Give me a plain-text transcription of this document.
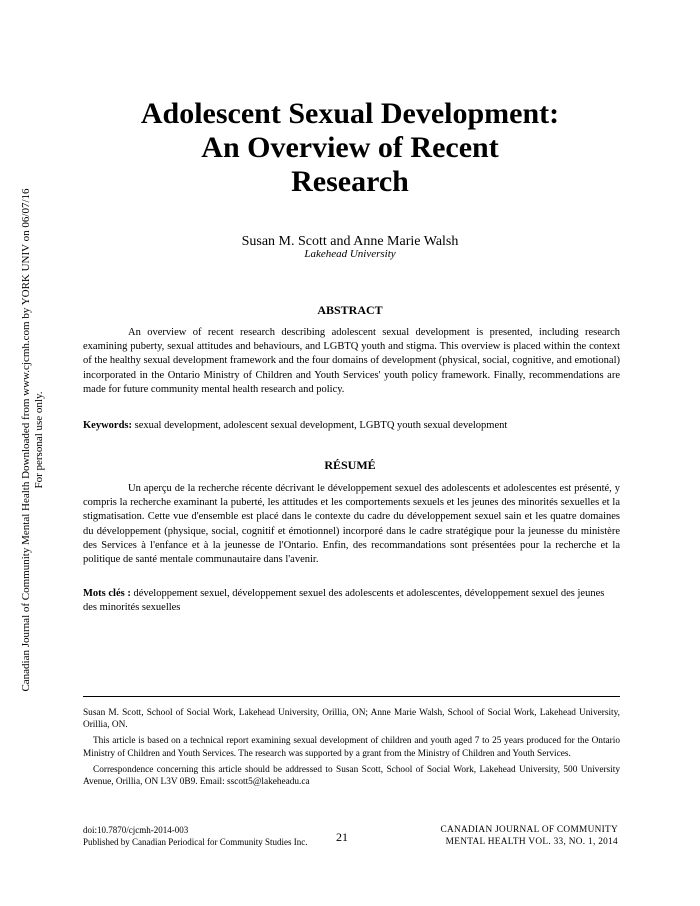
Canadian Journal of Community Mental Health Downloaded from www.cjcmh.com by YORK UNIV on 06/07/16 For personal use only.
Adolescent Sexual Development:
An Overview of Recent
Research
Susan M. Scott and Anne Marie Walsh
Lakehead University
ABSTRACT

An overview of recent research describing adolescent sexual development is presented, including research examining puberty, sexual attitudes and behaviours, and LGBTQ youth and stigma. This overview is placed within the context of the healthy sexual development framework and the four domains of development (physical, social, cognitive, and emotional) incorporated in the Ontario Ministry of Children and Youth Services' youth policy framework. Finally, recommendations are made for future community mental health research and policy.

Keywords: sexual development, adolescent sexual development, LGBTQ youth sexual development
RÉSUMÉ

Un aperçu de la recherche récente décrivant le développement sexuel des adolescents et adolescentes est présenté, y compris la recherche examinant la puberté, les attitudes et les comportements sexuels et les jeunes des minorités sexuelles et la stigmatisation. Cette vue d'ensemble est placé dans le contexte du cadre du développement sexuel sain et les quatre domaines du développement (physique, social, cognitif et émotionnel) incorporé dans le cadre stratégique pour la jeunesse du ministère des Services à l'enfance et à la jeunesse de l'Ontario. Enfin, des recommandations sont présentées pour la recherche et la politique de santé mentale communautaire dans l'avenir.

Mots clés : développement sexuel, développement sexuel des adolescents et adolescentes, développement sexuel des jeunes des minorités sexuelles

Susan M. Scott, School of Social Work, Lakehead University, Orillia, ON; Anne Marie Walsh, School of Social Work, Lakehead University, Orillia, ON.

This article is based on a technical report examining sexual development of children and youth aged 7 to 25 years produced for the Ontario Ministry of Children and Youth Services. The research was supported by a grant from the Ministry of Children and Youth Services.

Correspondence concerning this article should be addressed to Susan Scott, School of Social Work, Lakehead University, 500 University Avenue, Orillia, ON L3V 0B9. Email: sscott5@lakeheadu.ca

doi:10.7870/cjcmh-2014-003
Published by Canadian Periodical for Community Studies Inc. 21	CANADIAN JOURNAL OF COMMUNITY
MENTAL HEALTH VOL. 33, NO. 1, 2014
